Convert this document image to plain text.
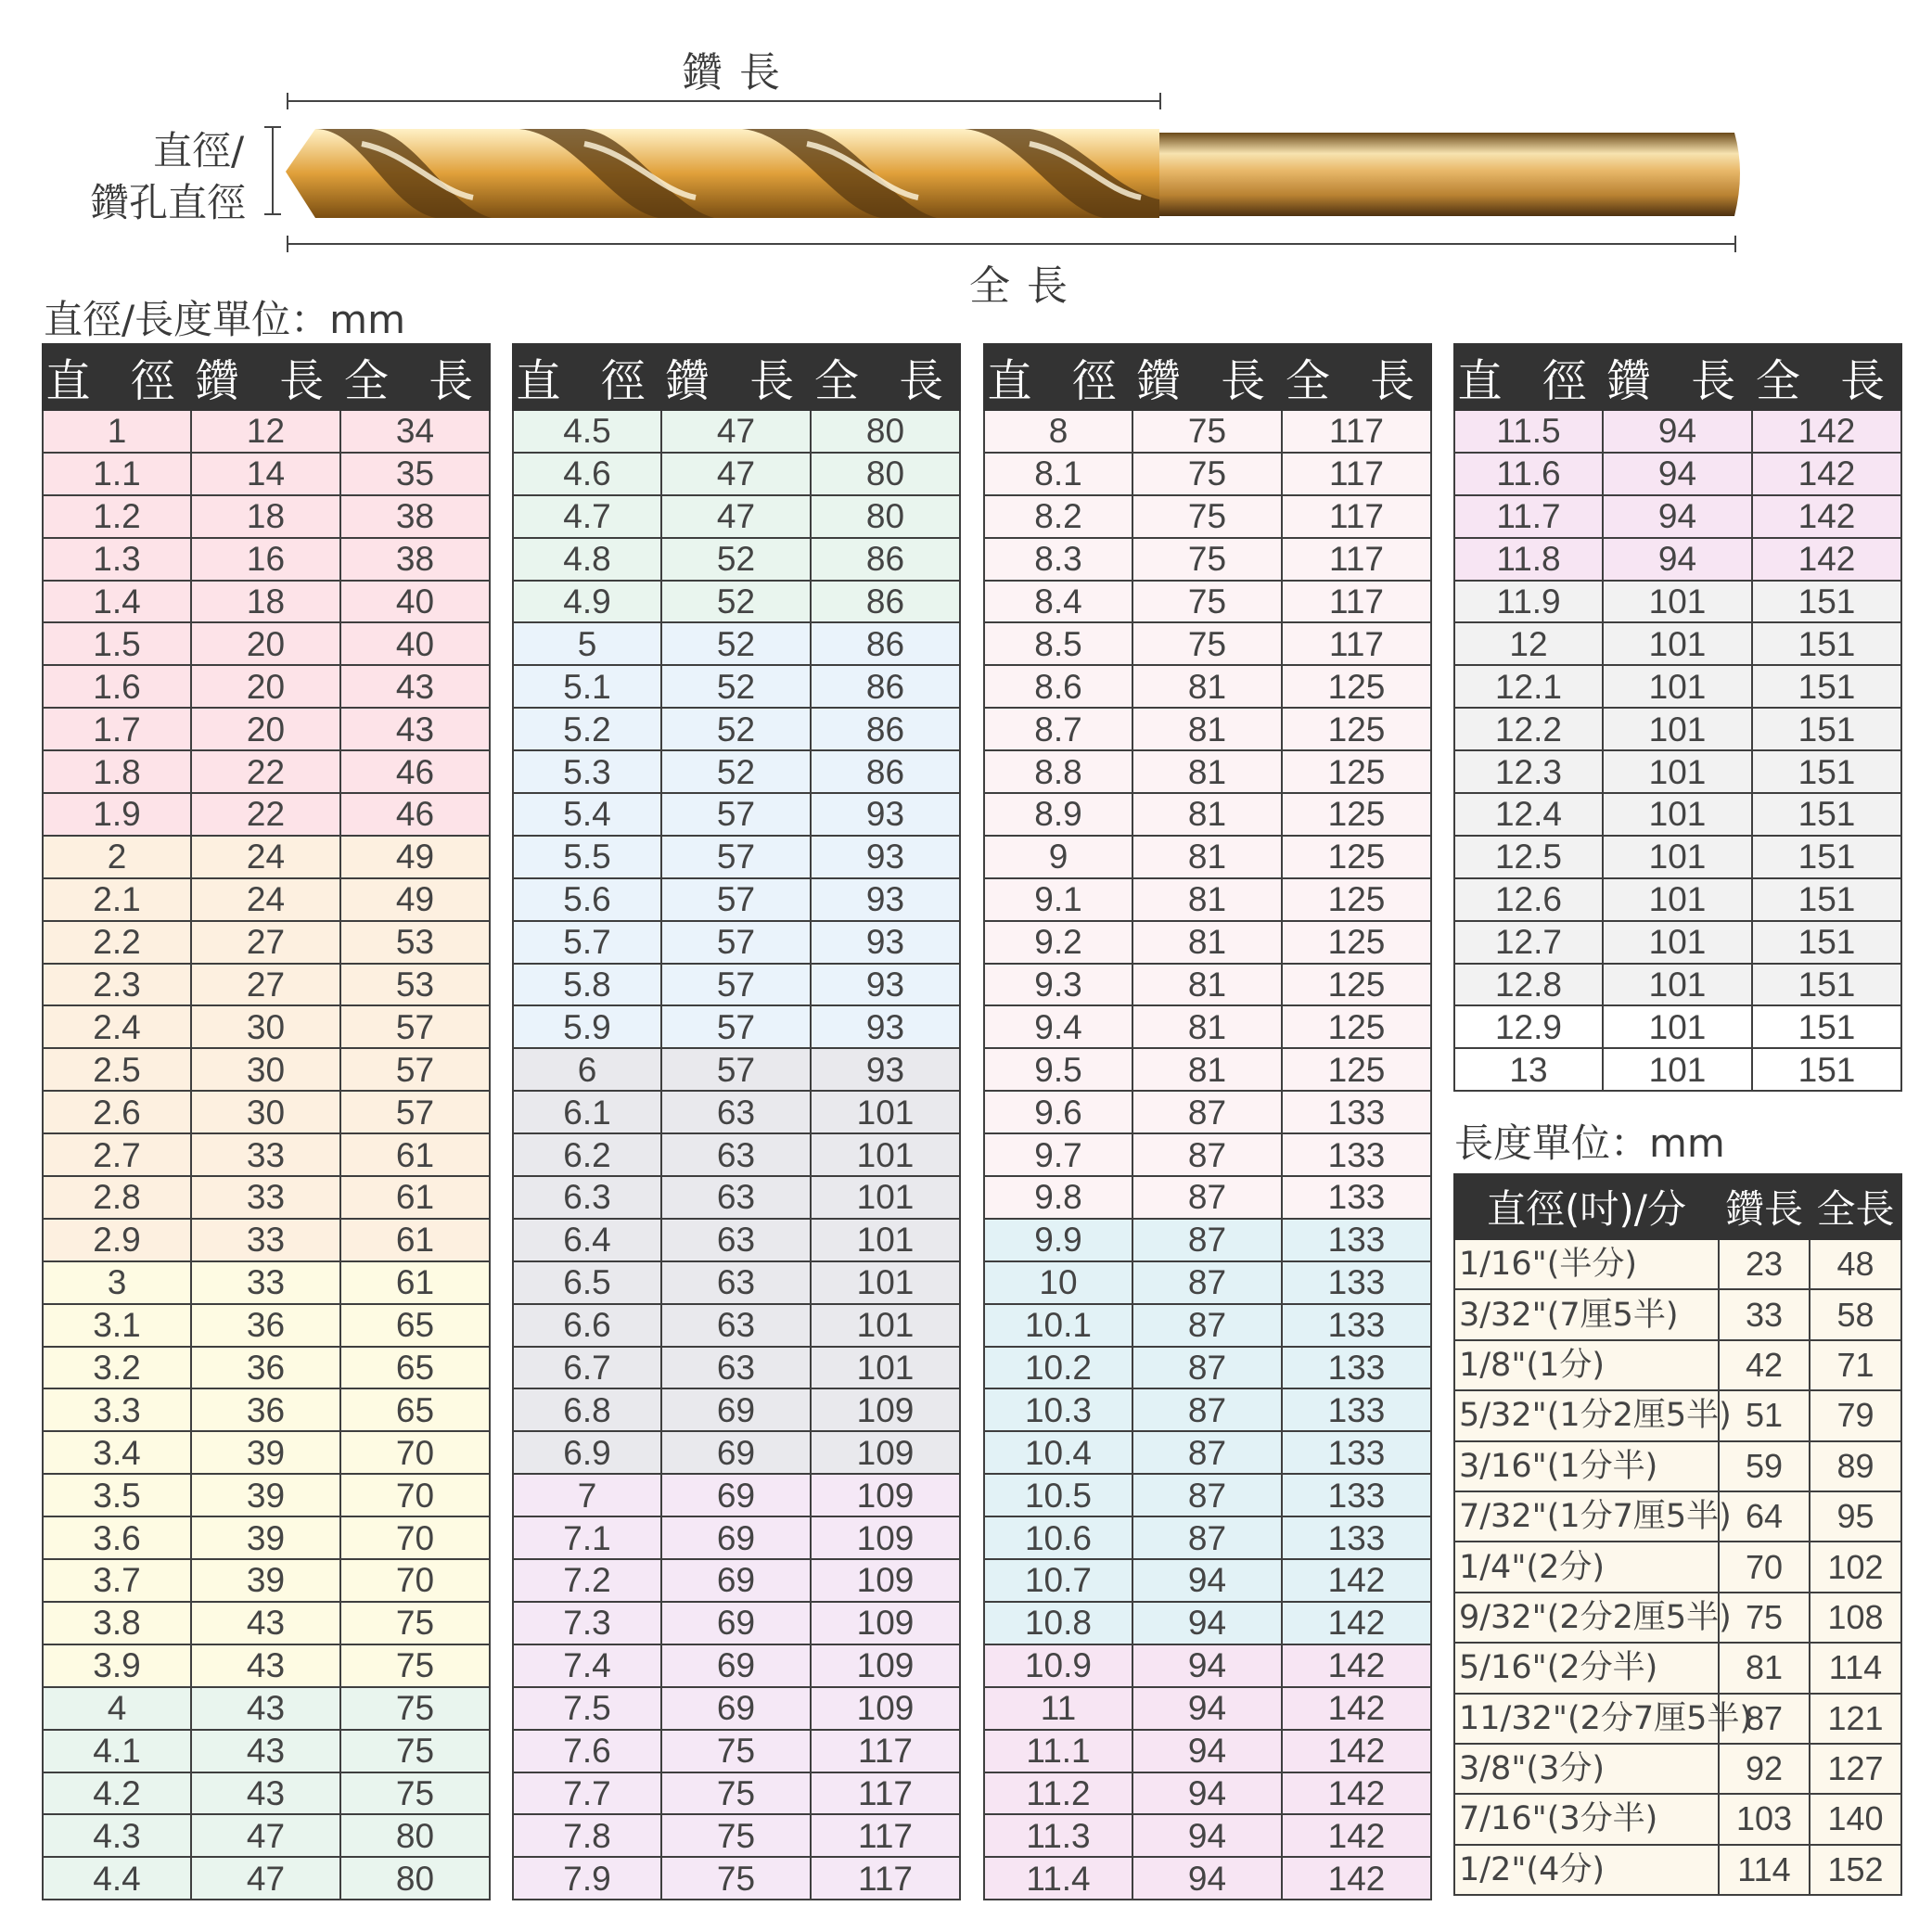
鑽 長
直徑/
鑽孔直徑
全 長
直徑/長度單位：mm
直 徑	鑽 長	全 長
1	12	34
1.1	14	35
1.2	18	38
1.3	16	38
1.4	18	40
1.5	20	40
1.6	20	43
1.7	20	43
1.8	22	46
1.9	22	46
2	24	49
2.1	24	49
2.2	27	53
2.3	27	53
2.4	30	57
2.5	30	57
2.6	30	57
2.7	33	61
2.8	33	61
2.9	33	61
3	33	61
3.1	36	65
3.2	36	65
3.3	36	65
3.4	39	70
3.5	39	70
3.6	39	70
3.7	39	70
3.8	43	75
3.9	43	75
4	43	75
4.1	43	75
4.2	43	75
4.3	47	80
4.4	47	80
直 徑	鑽 長	全 長
4.5	47	80
4.6	47	80
4.7	47	80
4.8	52	86
4.9	52	86
5	52	86
5.1	52	86
5.2	52	86
5.3	52	86
5.4	57	93
5.5	57	93
5.6	57	93
5.7	57	93
5.8	57	93
5.9	57	93
6	57	93
6.1	63	101
6.2	63	101
6.3	63	101
6.4	63	101
6.5	63	101
6.6	63	101
6.7	63	101
6.8	69	109
6.9	69	109
7	69	109
7.1	69	109
7.2	69	109
7.3	69	109
7.4	69	109
7.5	69	109
7.6	75	117
7.7	75	117
7.8	75	117
7.9	75	117
直 徑	鑽 長	全 長
8	75	117
8.1	75	117
8.2	75	117
8.3	75	117
8.4	75	117
8.5	75	117
8.6	81	125
8.7	81	125
8.8	81	125
8.9	81	125
9	81	125
9.1	81	125
9.2	81	125
9.3	81	125
9.4	81	125
9.5	81	125
9.6	87	133
9.7	87	133
9.8	87	133
9.9	87	133
10	87	133
10.1	87	133
10.2	87	133
10.3	87	133
10.4	87	133
10.5	87	133
10.6	87	133
10.7	94	142
10.8	94	142
10.9	94	142
11	94	142
11.1	94	142
11.2	94	142
11.3	94	142
11.4	94	142
直 徑	鑽 長	全 長
11.5	94	142
11.6	94	142
11.7	94	142
11.8	94	142
11.9	101	151
12	101	151
12.1	101	151
12.2	101	151
12.3	101	151
12.4	101	151
12.5	101	151
12.6	101	151
12.7	101	151
12.8	101	151
12.9	101	151
13	101	151
長度單位：mm
直徑(吋)/分	鑽長	全長
1/16"(半分)	23	48
3/32"(7厘5半)	33	58
1/8"(1分)	42	71
5/32"(1分2厘5半)	51	79
3/16"(1分半)	59	89
7/32"(1分7厘5半)	64	95
1/4"(2分)	70	102
9/32"(2分2厘5半)	75	108
5/16"(2分半)	81	114
11/32"(2分7厘5半)	87	121
3/8"(3分)	92	127
7/16"(3分半)	103	140
1/2"(4分)	114	152
